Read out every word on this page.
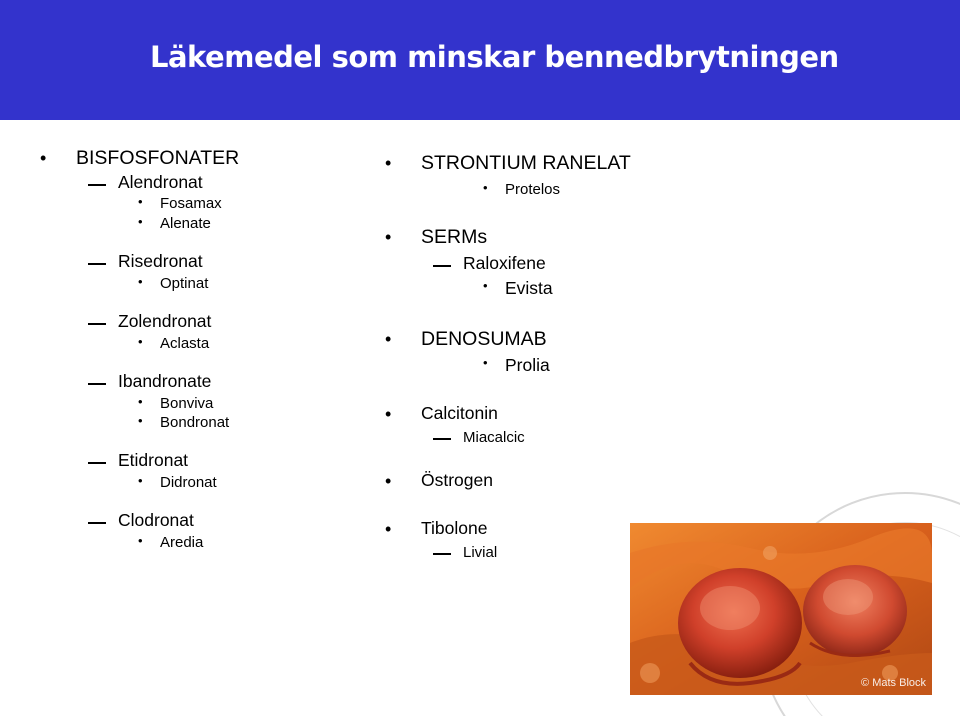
Läkemedel som minskar bennedbrytningen
• BISFOSFONATER
Alendronat
• Fosamax
• Alenate
Risedronat
• Optinat
Zolendronat
• Aclasta
Ibandronate
• Bonviva
• Bondronat
Etidronat
• Didronat
Clodronat
• Aredia
• STRONTIUM RANELAT
• Protelos
• SERMs
Raloxifene
• Evista
• DENOSUMAB
• Prolia
• Calcitonin
Miacalcic
• Östrogen
• Tibolone
Livial
© Mats Block
